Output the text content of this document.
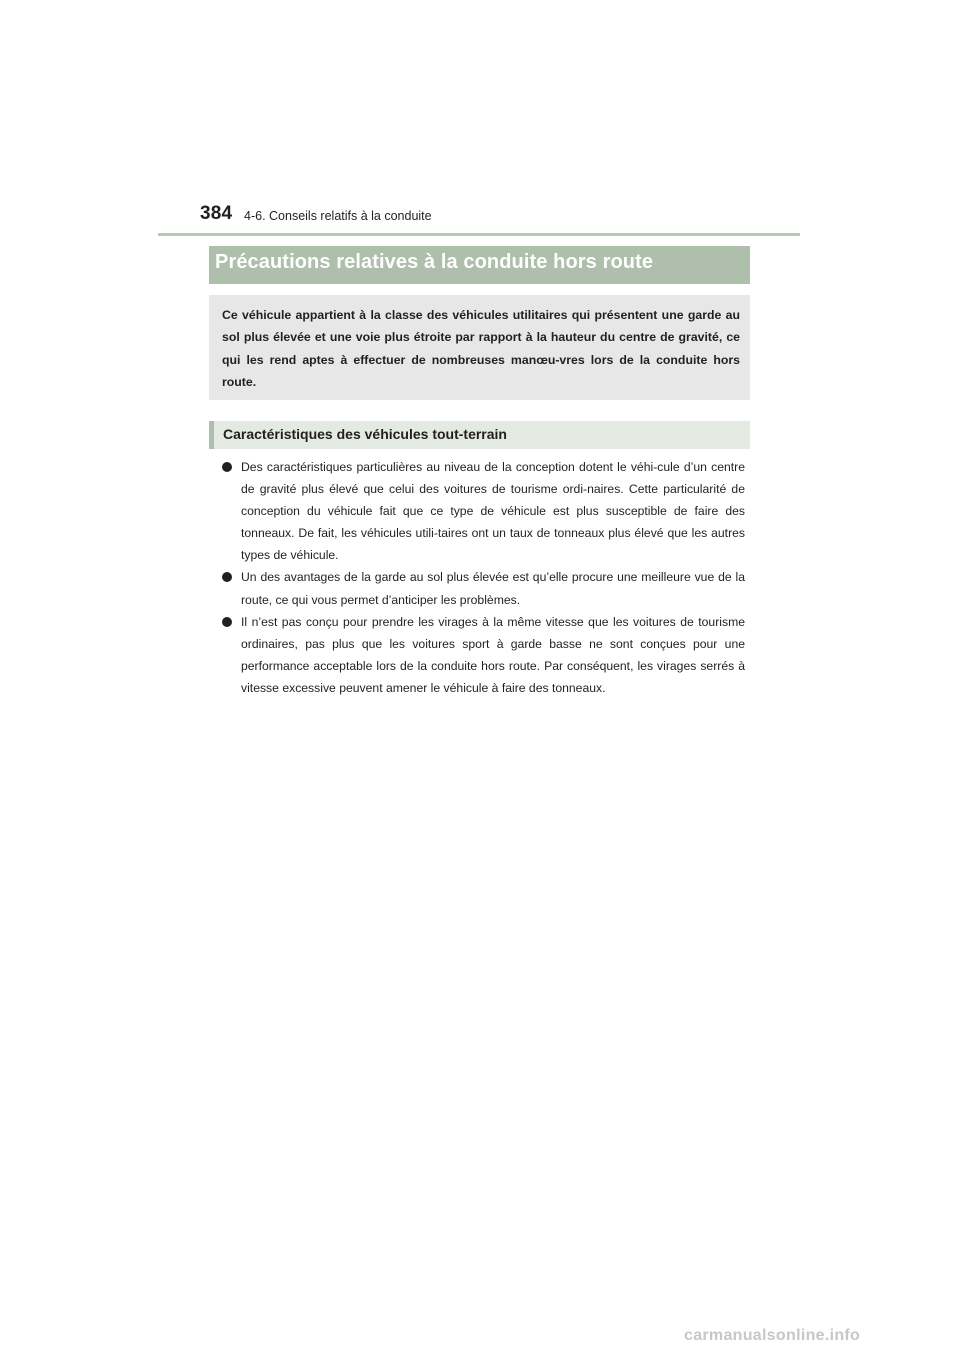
384 4-6. Conseils relatifs à la conduite
Précautions relatives à la conduite hors route
Ce véhicule appartient à la classe des véhicules utilitaires qui présentent une garde au sol plus élevée et une voie plus étroite par rapport à la hauteur du centre de gravité, ce qui les rend aptes à effectuer de nombreuses manœu-vres lors de la conduite hors route.
Caractéristiques des véhicules tout-terrain
Des caractéristiques particulières au niveau de la conception dotent le véhi-cule d’un centre de gravité plus élevé que celui des voitures de tourisme ordi-naires. Cette particularité de conception du véhicule fait que ce type de véhicule est plus susceptible de faire des tonneaux. De fait, les véhicules utili-taires ont un taux de tonneaux plus élevé que les autres types de véhicule.
Un des avantages de la garde au sol plus élevée est qu’elle procure une meilleure vue de la route, ce qui vous permet d’anticiper les problèmes.
Il n’est pas conçu pour prendre les virages à la même vitesse que les voitures de tourisme ordinaires, pas plus que les voitures sport à garde basse ne sont conçues pour une performance acceptable lors de la conduite hors route. Par conséquent, les virages serrés à vitesse excessive peuvent amener le véhicule à faire des tonneaux.
carmanualsonline.info
